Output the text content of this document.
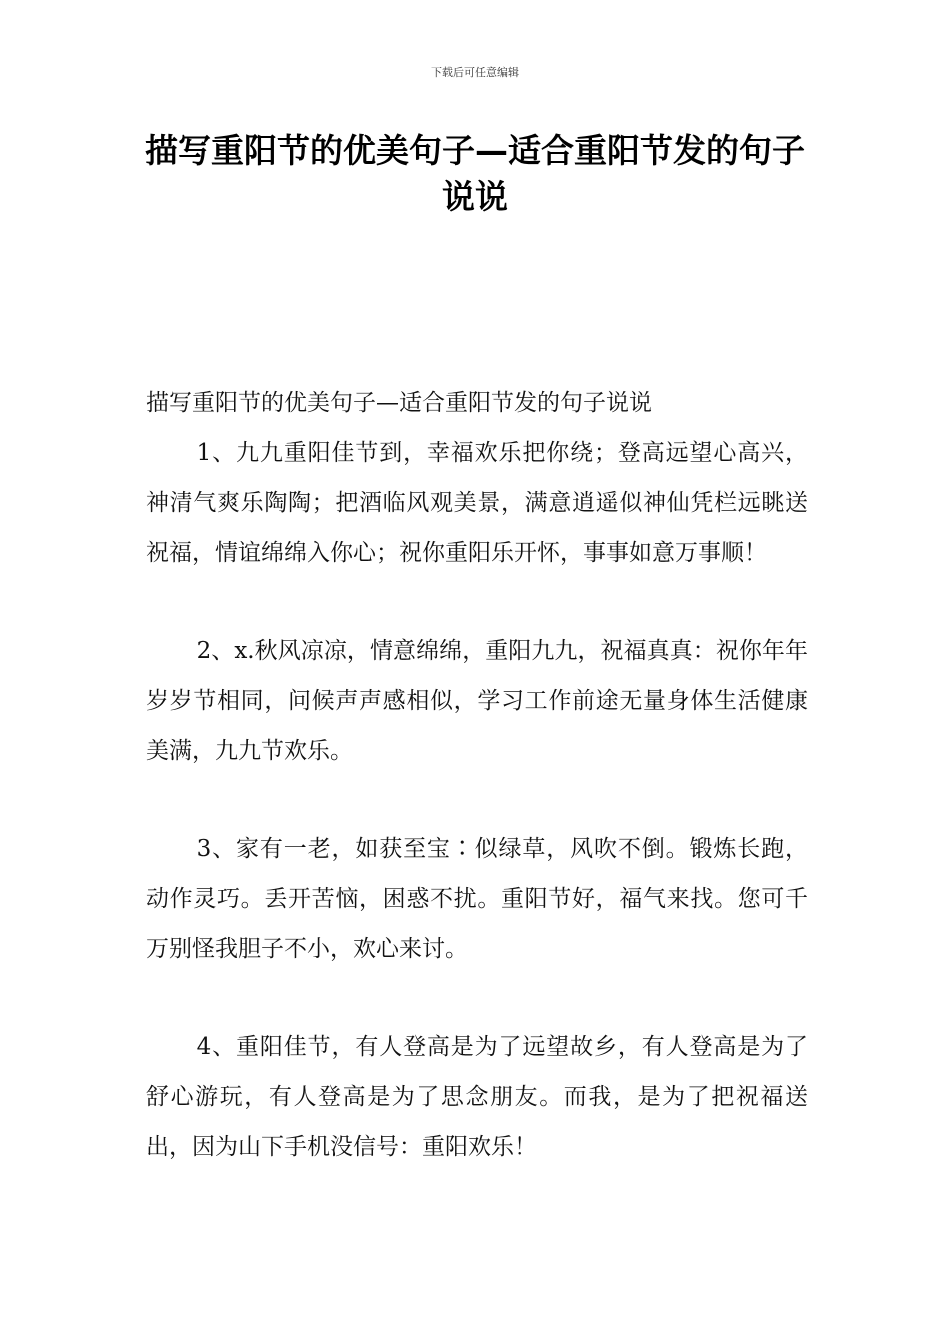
下载后可任意编辑
描写重阳节的优美句子—适合重阳节发的句子说说

描写重阳节的优美句子—适合重阳节发的句子说说

1、九九重阳佳节到，幸福欢乐把你绕；登高远望心高兴，神清气爽乐陶陶；把酒临风观美景，满意逍遥似神仙凭栏远眺送祝福，情谊绵绵入你心；祝你重阳乐开怀，事事如意万事顺！

2、x.秋风凉凉，情意绵绵，重阳九九，祝福真真：祝你年年岁岁节相同，问候声声感相似，学习工作前途无量身体生活健康美满，九九节欢乐。

3、家有一老，如获至宝∶似绿草，风吹不倒。锻炼长跑，动作灵巧。丢开苦恼，困惑不扰。重阳节好，福气来找。您可千万别怪我胆子不小，欢心来讨。

4、重阳佳节，有人登高是为了远望故乡，有人登高是为了舒心游玩，有人登高是为了思念朋友。而我，是为了把祝福送出，因为山下手机没信号：重阳欢乐！
